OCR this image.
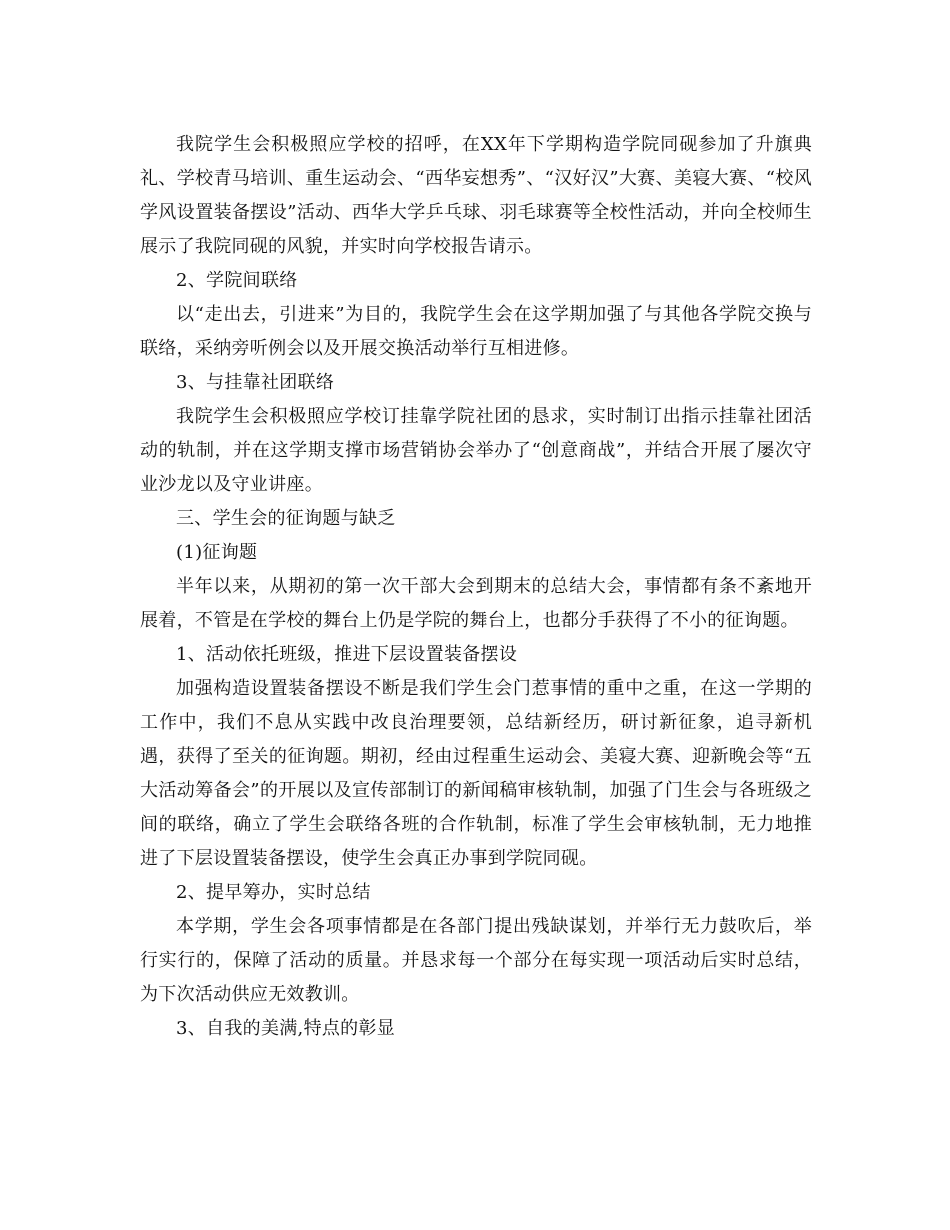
我院学生会积极照应学校的招呼，在XX年下学期构造学院同砚参加了升旗典礼、学校青马培训、重生运动会、“西华妄想秀”、“汉好汉”大赛、美寝大赛、“校风学风设置装备摆设”活动、西华大学乒乓球、羽毛球赛等全校性活动，并向全校师生展示了我院同砚的风貌，并实时向学校报告请示。

2、学院间联络

以“走出去，引进来”为目的，我院学生会在这学期加强了与其他各学院交换与联络，采纳旁听例会以及开展交换活动举行互相进修。

3、与挂靠社团联络

我院学生会积极照应学校订挂靠学院社团的恳求，实时制订出指示挂靠社团活动的轨制，并在这学期支撑市场营销协会举办了“创意商战”，并结合开展了屡次守业沙龙以及守业讲座。

三、学生会的征询题与缺乏

(1)征询题

半年以来，从期初的第一次干部大会到期末的总结大会，事情都有条不紊地开展着，不管是在学校的舞台上仍是学院的舞台上，也都分手获得了不小的征询题。

1、活动依托班级，推进下层设置装备摆设

加强构造设置装备摆设不断是我们学生会门惹事情的重中之重，在这一学期的工作中，我们不息从实践中改良治理要领，总结新经历，研讨新征象，追寻新机遇，获得了至关的征询题。期初，经由过程重生运动会、美寝大赛、迎新晚会等“五大活动筹备会”的开展以及宣传部制订的新闻稿审核轨制，加强了门生会与各班级之间的联络，确立了学生会联络各班的合作轨制，标准了学生会审核轨制，无力地推进了下层设置装备摆设，使学生会真正办事到学院同砚。

2、提早筹办，实时总结

本学期，学生会各项事情都是在各部门提出残缺谋划，并举行无力鼓吹后，举行实行的，保障了活动的质量。并恳求每一个部分在每实现一项活动后实时总结，为下次活动供应无效教训。

3、自我的美满,特点的彰显
